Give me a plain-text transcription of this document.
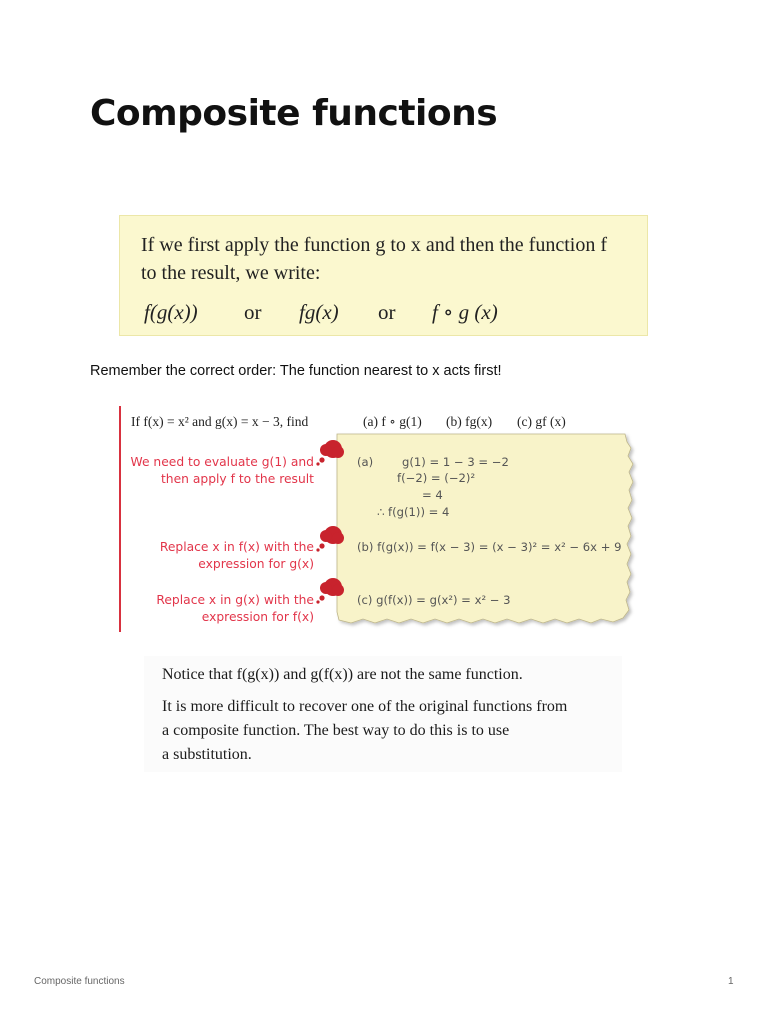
Composite functions
If we first apply the function g to x and then the function f
to the result, we write:
f(g(x)) or fg(x) or f ∘ g (x)
Remember the correct order: The function nearest to x acts first!
If f(x) = x² and g(x) = x − 3, find	(a) f ∘ g(1) (b) fg(x) (c) gf (x)
We need to evaluate g(1) and
then apply f to the result
Replace x in f(x) with the
expression for g(x)
Replace x in g(x) with the
expression for f(x)
(a) g(1) = 1 − 3 = −2
f(−2) = (−2)²
= 4
∴ f(g(1)) = 4
(b) f(g(x)) = f(x − 3) = (x − 3)² = x² − 6x + 9
(c) g(f(x)) = g(x²) = x² − 3
Notice that f(g(x)) and g(f(x)) are not the same function.
It is more difficult to recover one of the original functions from
a composite function. The best way to do this is to use
a substitution.
Composite functions	1
